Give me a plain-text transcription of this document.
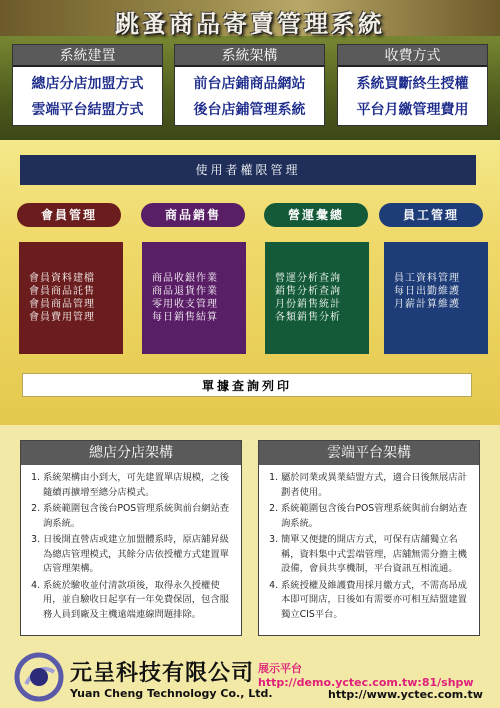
跳蚤商品寄賣管理系統
系統建置
總店分店加盟方式
雲端平台結盟方式
系統架構
前台店鋪商品網站
後台店鋪管理系統
收費方式
系統買斷終生授權
平台月繳管理費用
使用者權限管理
會員管理	商品銷售	營運彙總	員工管理
會員資料建檔
會員商品託售
會員商品管理
會員費用管理
商品收銀作業
商品退貨作業
零用收支管理
每日銷售結算
營運分析查詢
銷售分析查詢
月份銷售統計
各類銷售分析
員工資料管理
每日出勤維護
月薪計算維護
單據查詢列印
總店分店架構
1. 系統架構由小到大，可先建置單店規模，之後隨續再擴增至總分店模式。
2. 系統範圍包含後台POS管理系統與前台網站查詢系統。
3. 日後開直營店或建立加盟體系時，原店舖昇級為總店管理模式，其餘分店依授權方式建置單店管理架構。
4. 系統於驗收並付清款項後，取得永久授權使用，並自驗收日起享有一年免費保固，包含服務人員到廠及主機遠端連線問題排除。
雲端平台架構
1. 屬於同業或異業結盟方式，適合日後無展店計劃者使用。
2. 系統範圍包含後台POS管理系統與前台網站查詢系統。
3. 簡單又便捷的開店方式，可保有店舖獨立名稱，資料集中式雲端管理，店舖無需分擔主機設備，會員共享機制，平台資訊互相流通。
4. 系統授權及維護費用採月繳方式，不需高昂成本即可開店，日後如有需要亦可相互結盟建置獨立CIS平台。
元呈科技有限公司
Yuan Cheng Technology Co., Ltd.
展示平台http://demo.yctec.com.tw:81/shpw
http://www.yctec.com.tw
